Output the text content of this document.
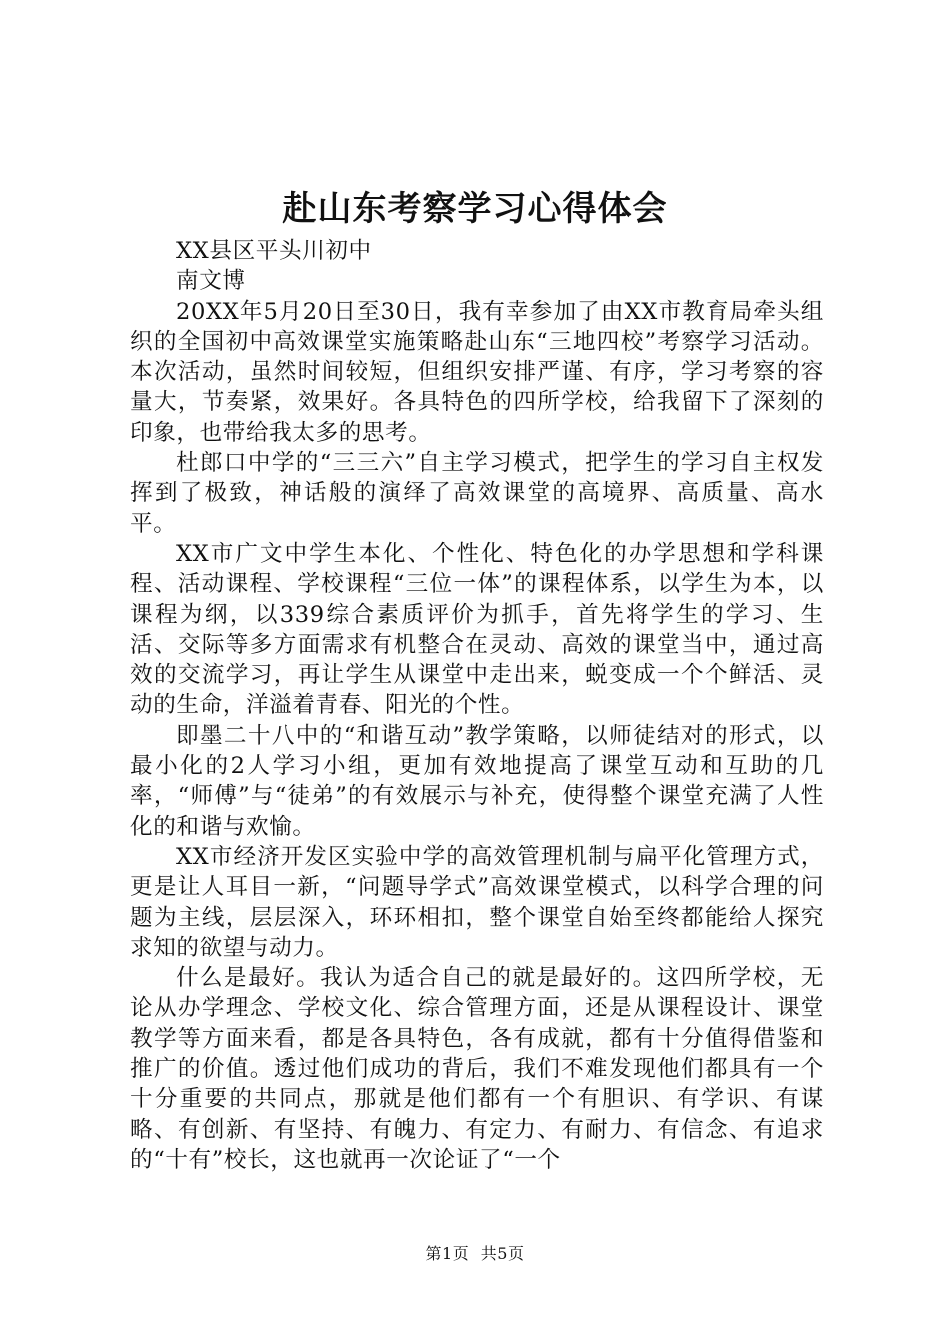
赴山东考察学习心得体会

XX县区平头川初中

南文博

20XX年5月20日至30日，我有幸参加了由XX市教育局牵头组织的全国初中高效课堂实施策略赴山东“三地四校”考察学习活动。本次活动，虽然时间较短，但组织安排严谨、有序，学习考察的容量大，节奏紧，效果好。各具特色的四所学校，给我留下了深刻的印象，也带给我太多的思考。

杜郎口中学的“三三六”自主学习模式，把学生的学习自主权发挥到了极致，神话般的演绎了高效课堂的高境界、高质量、高水平。

XX市广文中学生本化、个性化、特色化的办学思想和学科课程、活动课程、学校课程“三位一体”的课程体系，以学生为本，以课程为纲，以339综合素质评价为抓手，首先将学生的学习、生活、交际等多方面需求有机整合在灵动、高效的课堂当中，通过高效的交流学习，再让学生从课堂中走出来，蜕变成一个个鲜活、灵动的生命，洋溢着青春、阳光的个性。

即墨二十八中的“和谐互动”教学策略，以师徒结对的形式，以最小化的2人学习小组，更加有效地提高了课堂互动和互助的几率，“师傅”与“徒弟”的有效展示与补充，使得整个课堂充满了人性化的和谐与欢愉。

XX市经济开发区实验中学的高效管理机制与扁平化管理方式，更是让人耳目一新，“问题导学式”高效课堂模式，以科学合理的问题为主线，层层深入，环环相扣，整个课堂自始至终都能给人探究求知的欲望与动力。

什么是最好。我认为适合自己的就是最好的。这四所学校，无论从办学理念、学校文化、综合管理方面，还是从课程设计、课堂教学等方面来看，都是各具特色，各有成就，都有十分值得借鉴和推广的价值。透过他们成功的背后，我们不难发现他们都具有一个十分重要的共同点，那就是他们都有一个有胆识、有学识、有谋略、有创新、有坚持、有魄力、有定力、有耐力、有信念、有追求的“十有”校长，这也就再一次论证了“一个

第1页 共5页
